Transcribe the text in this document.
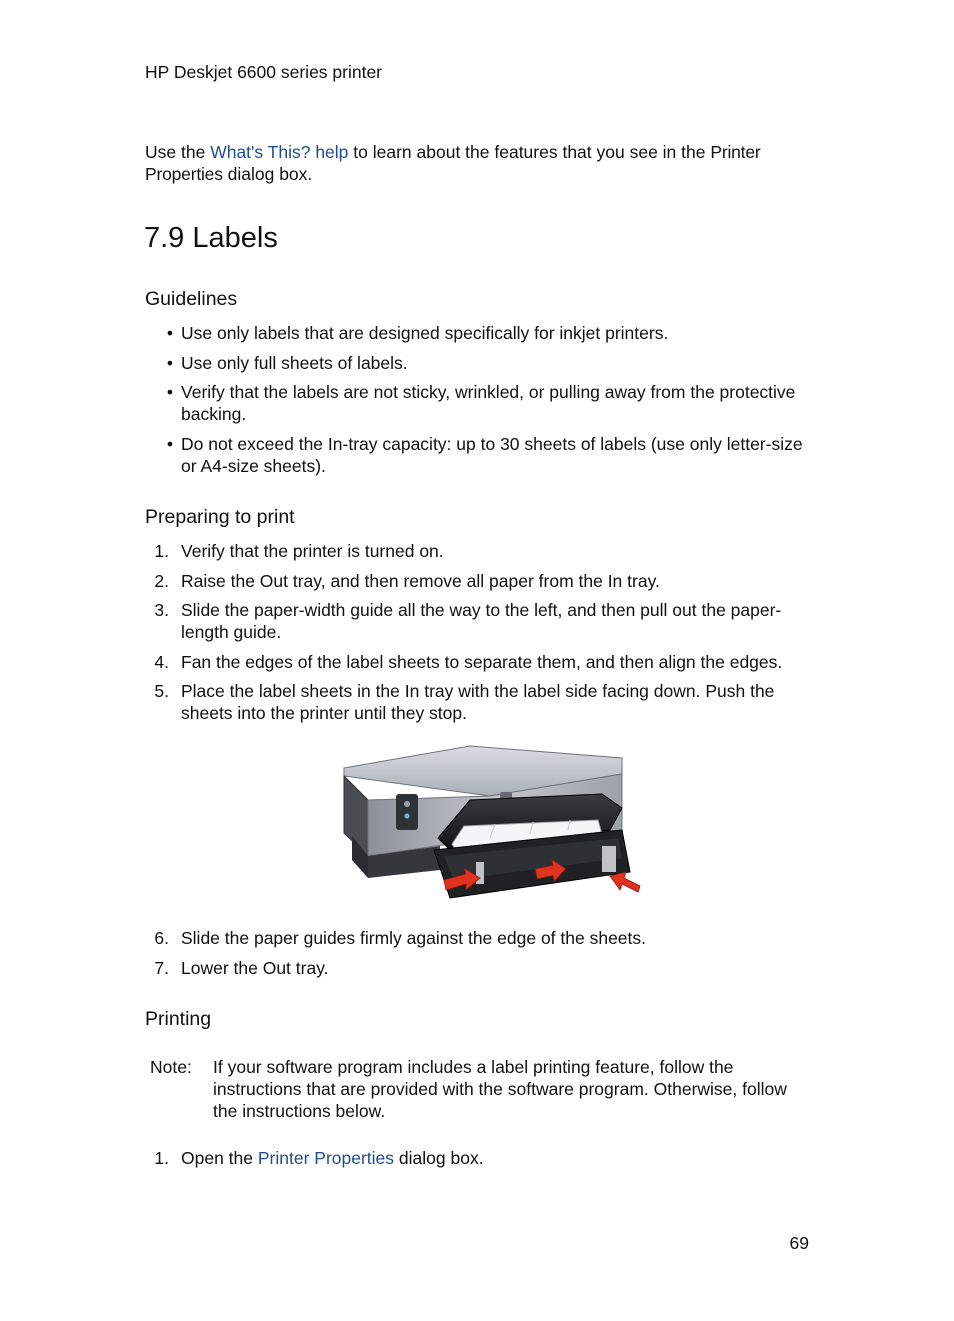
HP Deskjet 6600 series printer

Use the What's This? help to learn about the features that you see in the Printer Properties dialog box.

7.9 Labels
Guidelines
• Use only labels that are designed specifically for inkjet printers.
• Use only full sheets of labels.
• Verify that the labels are not sticky, wrinkled, or pulling away from the protective backing.
• Do not exceed the In-tray capacity: up to 30 sheets of labels (use only letter-size or A4-size sheets).
Preparing to print
1. Verify that the printer is turned on.
2. Raise the Out tray, and then remove all paper from the In tray.
3. Slide the paper-width guide all the way to the left, and then pull out the paper-length guide.
4. Fan the edges of the label sheets to separate them, and then align the edges.
5. Place the label sheets in the In tray with the label side facing down. Push the sheets into the printer until they stop.
6. Slide the paper guides firmly against the edge of the sheets.
7. Lower the Out tray.
Printing
Note: If your software program includes a label printing feature, follow the instructions that are provided with the software program. Otherwise, follow the instructions below.
1. Open the Printer Properties dialog box.
69
